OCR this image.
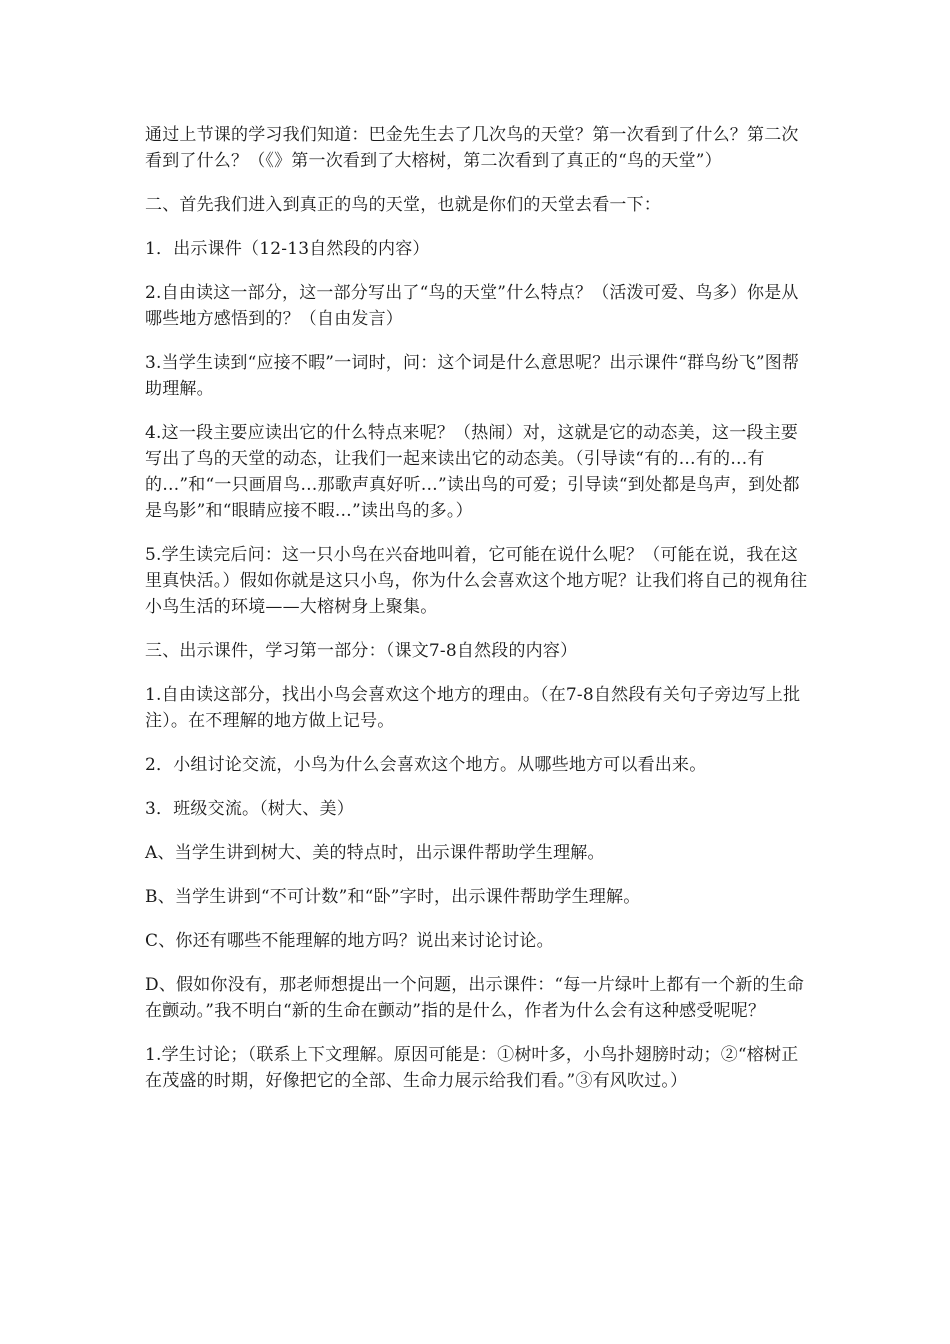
通过上节课的学习我们知道：巴金先生去了几次鸟的天堂？第一次看到了什么？第二次看到了什么？（《》第一次看到了大榕树，第二次看到了真正的“鸟的天堂”）

二、首先我们进入到真正的鸟的天堂，也就是你们的天堂去看一下：

1．出示课件（12-13自然段的内容）

2.自由读这一部分，这一部分写出了“鸟的天堂”什么特点？（活泼可爱、鸟多）你是从哪些地方感悟到的？（自由发言）

3.当学生读到“应接不暇”一词时，问：这个词是什么意思呢？出示课件“群鸟纷飞”图帮助理解。

4.这一段主要应读出它的什么特点来呢？（热闹）对，这就是它的动态美，这一段主要写出了鸟的天堂的动态，让我们一起来读出它的动态美。（引导读“有的…有的…有的…”和“一只画眉鸟…那歌声真好听…”读出鸟的可爱；引导读“到处都是鸟声，到处都是鸟影”和“眼睛应接不暇…”读出鸟的多。）

5.学生读完后问：这一只小鸟在兴奋地叫着，它可能在说什么呢？（可能在说，我在这里真快活。）假如你就是这只小鸟，你为什么会喜欢这个地方呢？让我们将自己的视角往小鸟生活的环境——大榕树身上聚集。

三、出示课件，学习第一部分：（课文7-8自然段的内容）

1.自由读这部分，找出小鸟会喜欢这个地方的理由。（在7-8自然段有关句子旁边写上批注）。在不理解的地方做上记号。

2．小组讨论交流，小鸟为什么会喜欢这个地方。从哪些地方可以看出来。

3．班级交流。（树大、美）

A、当学生讲到树大、美的特点时，出示课件帮助学生理解。

B、当学生讲到“不可计数”和“卧”字时，出示课件帮助学生理解。

C、你还有哪些不能理解的地方吗？说出来讨论讨论。

D、假如你没有，那老师想提出一个问题，出示课件：“每一片绿叶上都有一个新的生命在颤动。”我不明白“新的生命在颤动”指的是什么，作者为什么会有这种感受呢呢？

1.学生讨论；（联系上下文理解。原因可能是：①树叶多，小鸟扑翅膀时动；②“榕树正在茂盛的时期，好像把它的全部、生命力展示给我们看。”③有风吹过。）
